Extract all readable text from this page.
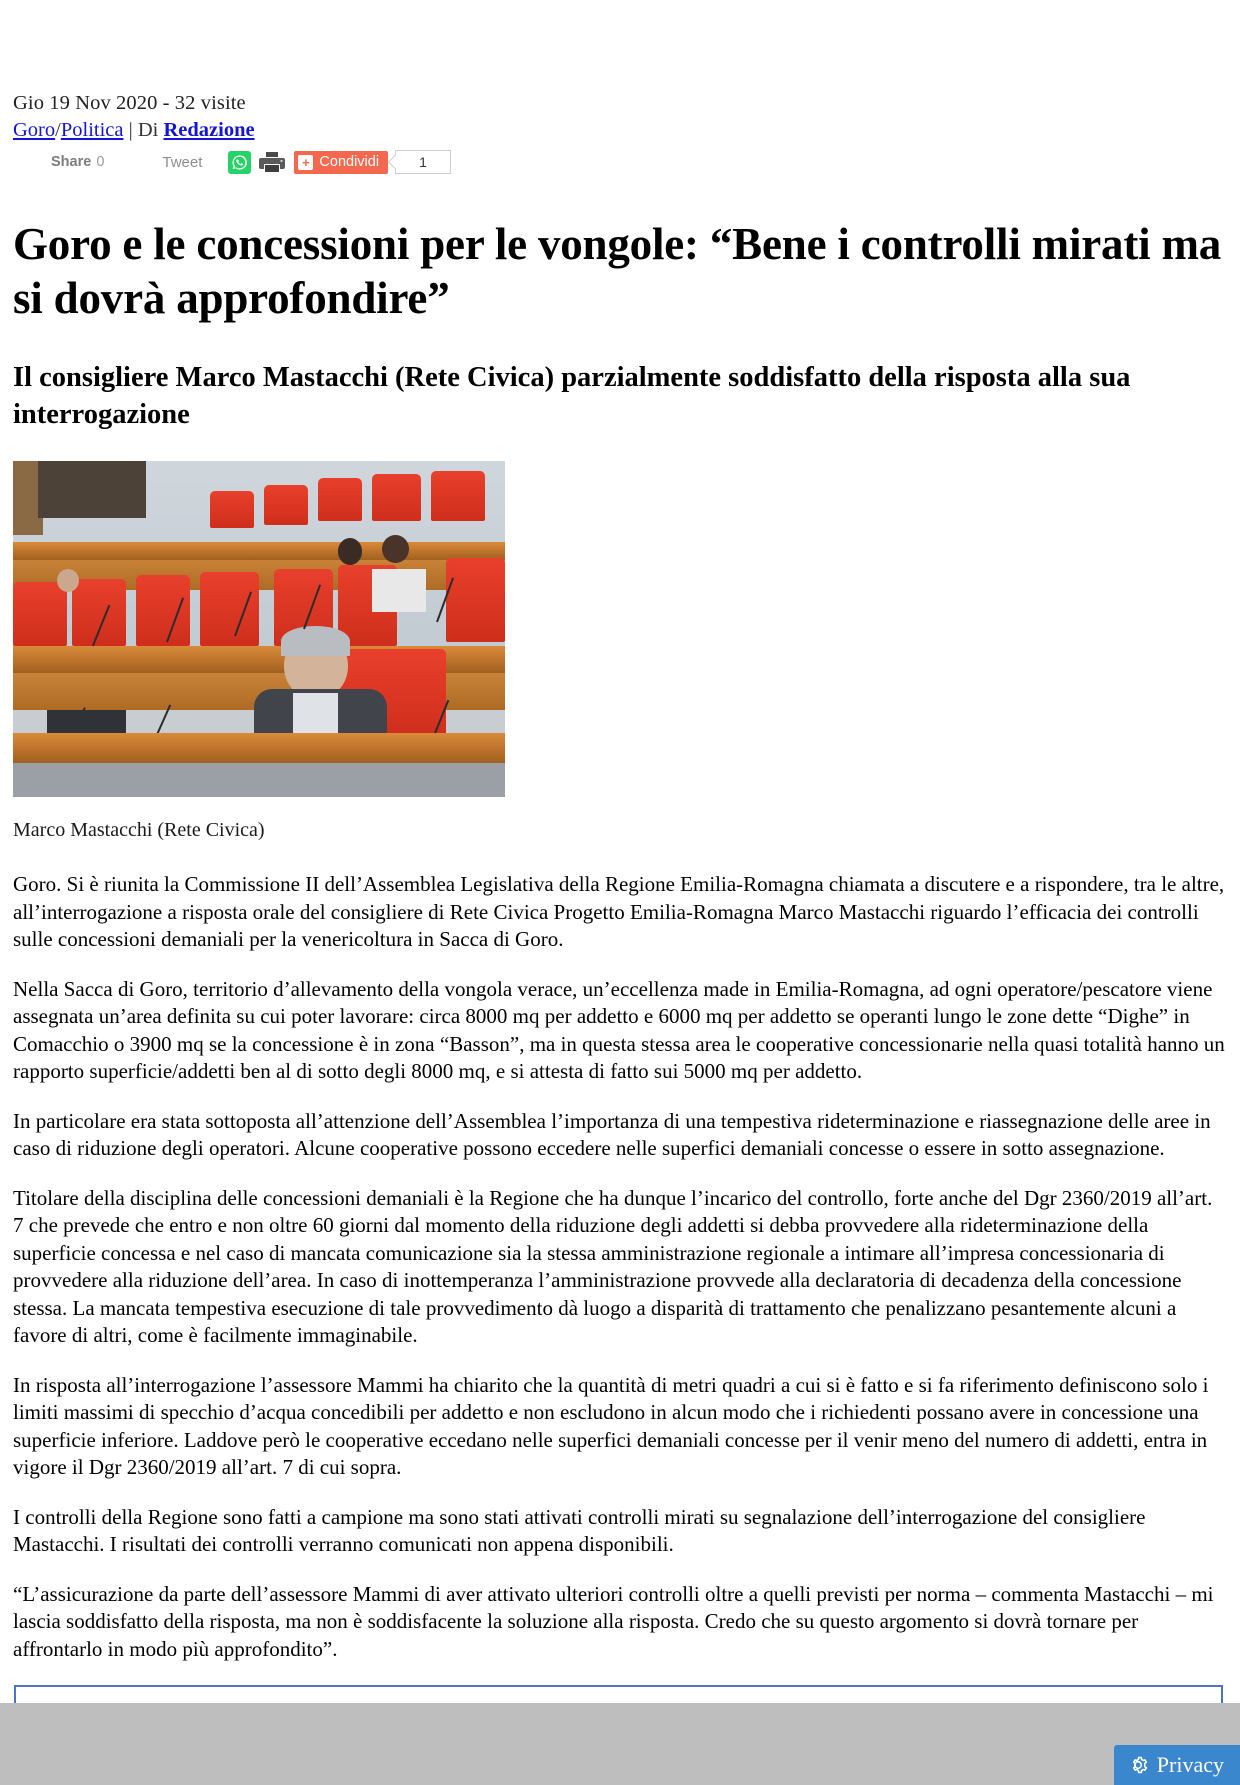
Gio 19 Nov 2020 - 32 visite
Goro/Politica | Di Redazione
Share 0	Tweet	+ Condividi	1
Goro e le concessioni per le vongole: “Bene i controlli mirati ma si dovrà approfondire”
Il consigliere Marco Mastacchi (Rete Civica) parzialmente soddisfatto della risposta alla sua interrogazione
Marco Mastacchi (Rete Civica)

Goro. Si è riunita la Commissione II dell’Assemblea Legislativa della Regione Emilia-Romagna chiamata a discutere e a rispondere, tra le altre, all’interrogazione a risposta orale del consigliere di Rete Civica Progetto Emilia-Romagna Marco Mastacchi riguardo l’efficacia dei controlli sulle concessioni demaniali per la venericoltura in Sacca di Goro.

Nella Sacca di Goro, territorio d’allevamento della vongola verace, un’eccellenza made in Emilia-Romagna, ad ogni operatore/pescatore viene assegnata un’area definita su cui poter lavorare: circa 8000 mq per addetto e 6000 mq per addetto se operanti lungo le zone dette “Dighe” in Comacchio o 3900 mq se la concessione è in zona “Basson”, ma in questa stessa area le cooperative concessionarie nella quasi totalità hanno un rapporto superficie/addetti ben al di sotto degli 8000 mq, e si attesta di fatto sui 5000 mq per addetto.

In particolare era stata sottoposta all’attenzione dell’Assemblea l’importanza di una tempestiva rideterminazione e riassegnazione delle aree in caso di riduzione degli operatori. Alcune cooperative possono eccedere nelle superfici demaniali concesse o essere in sotto assegnazione.

Titolare della disciplina delle concessioni demaniali è la Regione che ha dunque l’incarico del controllo, forte anche del Dgr 2360/2019 all’art. 7 che prevede che entro e non oltre 60 giorni dal momento della riduzione degli addetti si debba provvedere alla rideterminazione della superficie concessa e nel caso di mancata comunicazione sia la stessa amministrazione regionale a intimare all’impresa concessionaria di provvedere alla riduzione dell’area. In caso di inottemperanza l’amministrazione provvede alla declaratoria di decadenza della concessione stessa. La mancata tempestiva esecuzione di tale provvedimento dà luogo a disparità di trattamento che penalizzano pesantemente alcuni a favore di altri, come è facilmente immaginabile.

In risposta all’interrogazione l’assessore Mammi ha chiarito che la quantità di metri quadri a cui si è fatto e si fa riferimento definiscono solo i limiti massimi di specchio d’acqua concedibili per addetto e non escludono in alcun modo che i richiedenti possano avere in concessione una superficie inferiore. Laddove però le cooperative eccedano nelle superfici demaniali concesse per il venir meno del numero di addetti, entra in vigore il Dgr 2360/2019 all’art. 7 di cui sopra.

I controlli della Regione sono fatti a campione ma sono stati attivati controlli mirati su segnalazione dell’interrogazione del consigliere Mastacchi. I risultati dei controlli verranno comunicati non appena disponibili.

“L’assicurazione da parte dell’assessore Mammi di aver attivato ulteriori controlli oltre a quelli previsti per norma – commenta Mastacchi – mi lascia soddisfatto della risposta, ma non è soddisfacente la soluzione alla risposta. Credo che su questo argomento si dovrà tornare per affrontarlo in modo più approfondito”.

Privacy
